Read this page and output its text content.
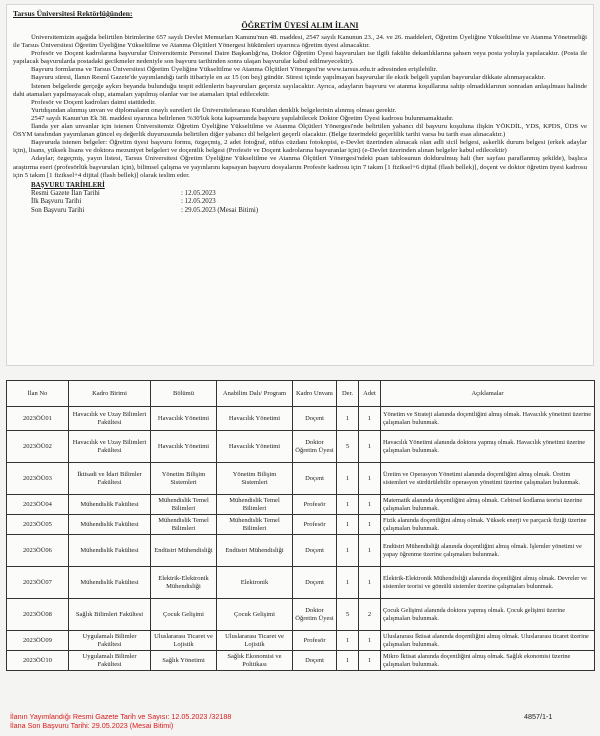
Tarsus Üniversitesi Rektörlüğünden:
ÖĞRETİM ÜYESİ ALIM İLANI

Üniversitemizin aşağıda belirtilen birimlerine 657 sayılı Devlet Memurları Kanunu'nun 48. maddesi, 2547 sayılı Kanunun 23., 24. ve 26. maddeleri, Öğretim Üyeliğine Yükseltilme ve Atanma Yönetmeliği ile Tarsus Üniversitesi Öğretim Üyeliğine Yükseltilme ve Atanma Ölçütleri Yönergesi hükümleri uyarınca öğretim üyesi alınacaktır.

Profesör ve Doçent kadrolarına başvurular Üniversitemiz Personel Daire Başkanlığı'na, Doktor Öğretim Üyesi başvuruları ise ilgili fakülte dekanlıklarına şahsen veya posta yoluyla yapılacaktır. (Posta ile yapılacak başvurularda postadaki gecikmeler nedeniyle son başvuru tarihinden sonra ulaşan başvurular kabul edilmeyecektir).

Başvuru formlarına ve Tarsus Üniversitesi Öğretim Üyeliğine Yükseltilme ve Atanma Ölçütleri Yönergesi'ne www.tarsus.edu.tr adresinden erişilebilir.

Başvuru süresi, İlanın Resmî Gazete'de yayımlandığı tarih itibariyle en az 15 (on beş) gündür. Süresi içinde yapılmayan başvurular ile eksik belgeli yapılan başvurular dikkate alınmayacaktır.

İstenen belgelerde gerçeğe aykırı beyanda bulunduğu tespit edilenlerin başvuruları geçersiz sayılacaktır. Ayrıca, adayların başvuru ve atanma koşullarına sahip olmadıklarının sonradan anlaşılması halinde dahi atamaları yapılmayacak olup, atamaları yapılmış olanlar var ise atamaları iptal edilecektir.

Profesör ve Doçent kadroları daimi statüdedir.

Yurtdışından alınmış unvan ve diplomaların onaylı suretleri ile Üniversitelerarası Kuruldan denklik belgelerinin alınmış olması gerekir.

2547 sayılı Kanun'un Ek 38. maddesi uyarınca belirlenen %30'luk kota kapsamında başvuru yapılabilecek Doktor Öğretim Üyesi kadrosu bulunmamaktadır.

İlanda yer alan unvanlar için istenen Üniversitemiz Öğretim Üyeliğine Yükseltilme ve Atanma Ölçütleri Yönergesi'nde belirtilen yabancı dil başvuru koşuluna ilişkin YÖKDİL, YDS, KPDS, ÜDS ve ÖSYM tarafından yayımlanan güncel eş değerlik duyurusunda belirtilen diğer yabancı dil belgeleri geçerli olacaktır. (Belge üzerindeki geçerlilik tarihi varsa bu tarih esas alınacaktır.)

Başvuruda istenen belgeler: Öğretim üyesi başvuru formu, özgeçmiş, 2 adet fotoğraf, nüfus cüzdanı fotokopisi, e-Devlet üzerinden alınacak olan adli sicil belgesi, askerlik durum belgesi (erkek adaylar için), lisans, yüksek lisans ve doktora mezuniyet belgeleri ve doçentlik belgesi (Profesör ve Doçent kadrolarına başvuranlar için) (e-Devlet üzerinden alınan belgeler kabul edilecektir)

Adaylar; özgeçmiş, yayın listesi, Tarsus Üniversitesi Öğretim Üyeliğine Yükseltilme ve Atanma Ölçütleri Yönergesi'ndeki puan tablosunun doldurulmuş hali (her sayfası paraflanmış şekilde), başlıca araştırma eseri (profesörlük başvuruları için), bilimsel çalışma ve yayınlarını kapsayan başvuru dosyalarını Profesör kadrosu için 7 takım [1 fiziksel+6 dijital (flash bellek)], doçent ve doktor öğretim üyesi kadrosu için 5 takım [1 fiziksel+4 dijital (flash bellek)] olarak teslim eder.

BAŞVURU TARİHLERİ
Resmi Gazete İlan Tarihi	: 12.05.2023
İlk Başvuru Tarihi	: 12.05.2023
Son Başvuru Tarihi	: 29.05.2023 (Mesai Bitimi)
İlan No	Kadro Birimi	Bölümü	Anabilim Dalı/ Program	Kadro Unvanı	Der.	Adet	Açıklamalar
2023ÖÜ01	Havacılık ve Uzay Bilimleri Fakültesi	Havacılık Yönetimi	Havacılık Yönetimi	Doçent	1	1	Yönetim ve Strateji alanında doçentliğini almış olmak. Havacılık yönetimi üzerine çalışmaları bulunmak.
2023ÖÜ02	Havacılık ve Uzay Bilimleri Fakültesi	Havacılık Yönetimi	Havacılık Yönetimi	Doktor Öğretim Üyesi	5	1	Havacılık Yönetimi alanında doktora yapmış olmak. Havacılık yönetimi üzerine çalışmaları bulunmak.
2023ÖÜ03	İktisadi ve İdari Bilimler Fakültesi	Yönetim Bilişim Sistemleri	Yönetim Bilişim Sistemleri	Doçent	1	1	Üretim ve Operasyon Yönetimi alanında doçentliğini almış olmak. Üretim sistemleri ve sürdürülebilir operasyon yönetimi üzerine çalışmaları bulunmak.
2023ÖÜ04	Mühendislik Fakültesi	Mühendislik Temel Bilimleri	Mühendislik Temel Bilimleri	Profesör	1	1	Matematik alanında doçentliğini almış olmak. Cebirsel kodlama teorisi üzerine çalışmaları bulunmak.
2023ÖÜ05	Mühendislik Fakültesi	Mühendislik Temel Bilimleri	Mühendislik Temel Bilimleri	Profesör	1	1	Fizik alanında doçentliğini almış olmak. Yüksek enerji ve parçacık fiziği üzerine çalışmaları bulunmak.
2023ÖÜ06	Mühendislik Fakültesi	Endüstri Mühendisliği	Endüstri Mühendisliği	Doçent	1	1	Endüstri Mühendisliği alanında doçentliğini almış olmak. İşlemler yönetimi ve yapay öğrenme üzerine çalışmaları bulunmak.
2023ÖÜ07	Mühendislik Fakültesi	Elektrik-Elektronik Mühendisliği	Elektronik	Doçent	1	1	Elektrik-Elektronik Mühendisliği alanında doçentliğini almış olmak. Devreler ve sistemler teorisi ve gömülü sistemler üzerine çalışmaları bulunmak.
2023ÖÜ08	Sağlık Bilimleri Fakültesi	Çocuk Gelişimi	Çocuk Gelişimi	Doktor Öğretim Üyesi	5	2	Çocuk Gelişimi alanında doktora yapmış olmak. Çocuk gelişimi üzerine çalışmaları bulunmak.
2023ÖÜ09	Uygulamalı Bilimler Fakültesi	Uluslararası Ticaret ve Lojistik	Uluslararası Ticaret ve Lojistik	Profesör	1	1	Uluslararası İktisat alanında doçentliğini almış olmak. Uluslararası ticaret üzerine çalışmaları bulunmak.
2023ÖÜ10	Uygulamalı Bilimler Fakültesi	Sağlık Yönetimi	Sağlık Ekonomisi ve Politikası	Doçent	1	1	Mikro İktisat alanında doçentliğini almış olmak. Sağlık ekonomisi üzerine çalışmaları bulunmak.
İlanın Yayımlandığı Resmi Gazete Tarih ve Sayısı: 12.05.2023 /32188
İlana Son Başvuru Tarihi: 29.05.2023 (Mesai Bitimi)
4857/1-1
